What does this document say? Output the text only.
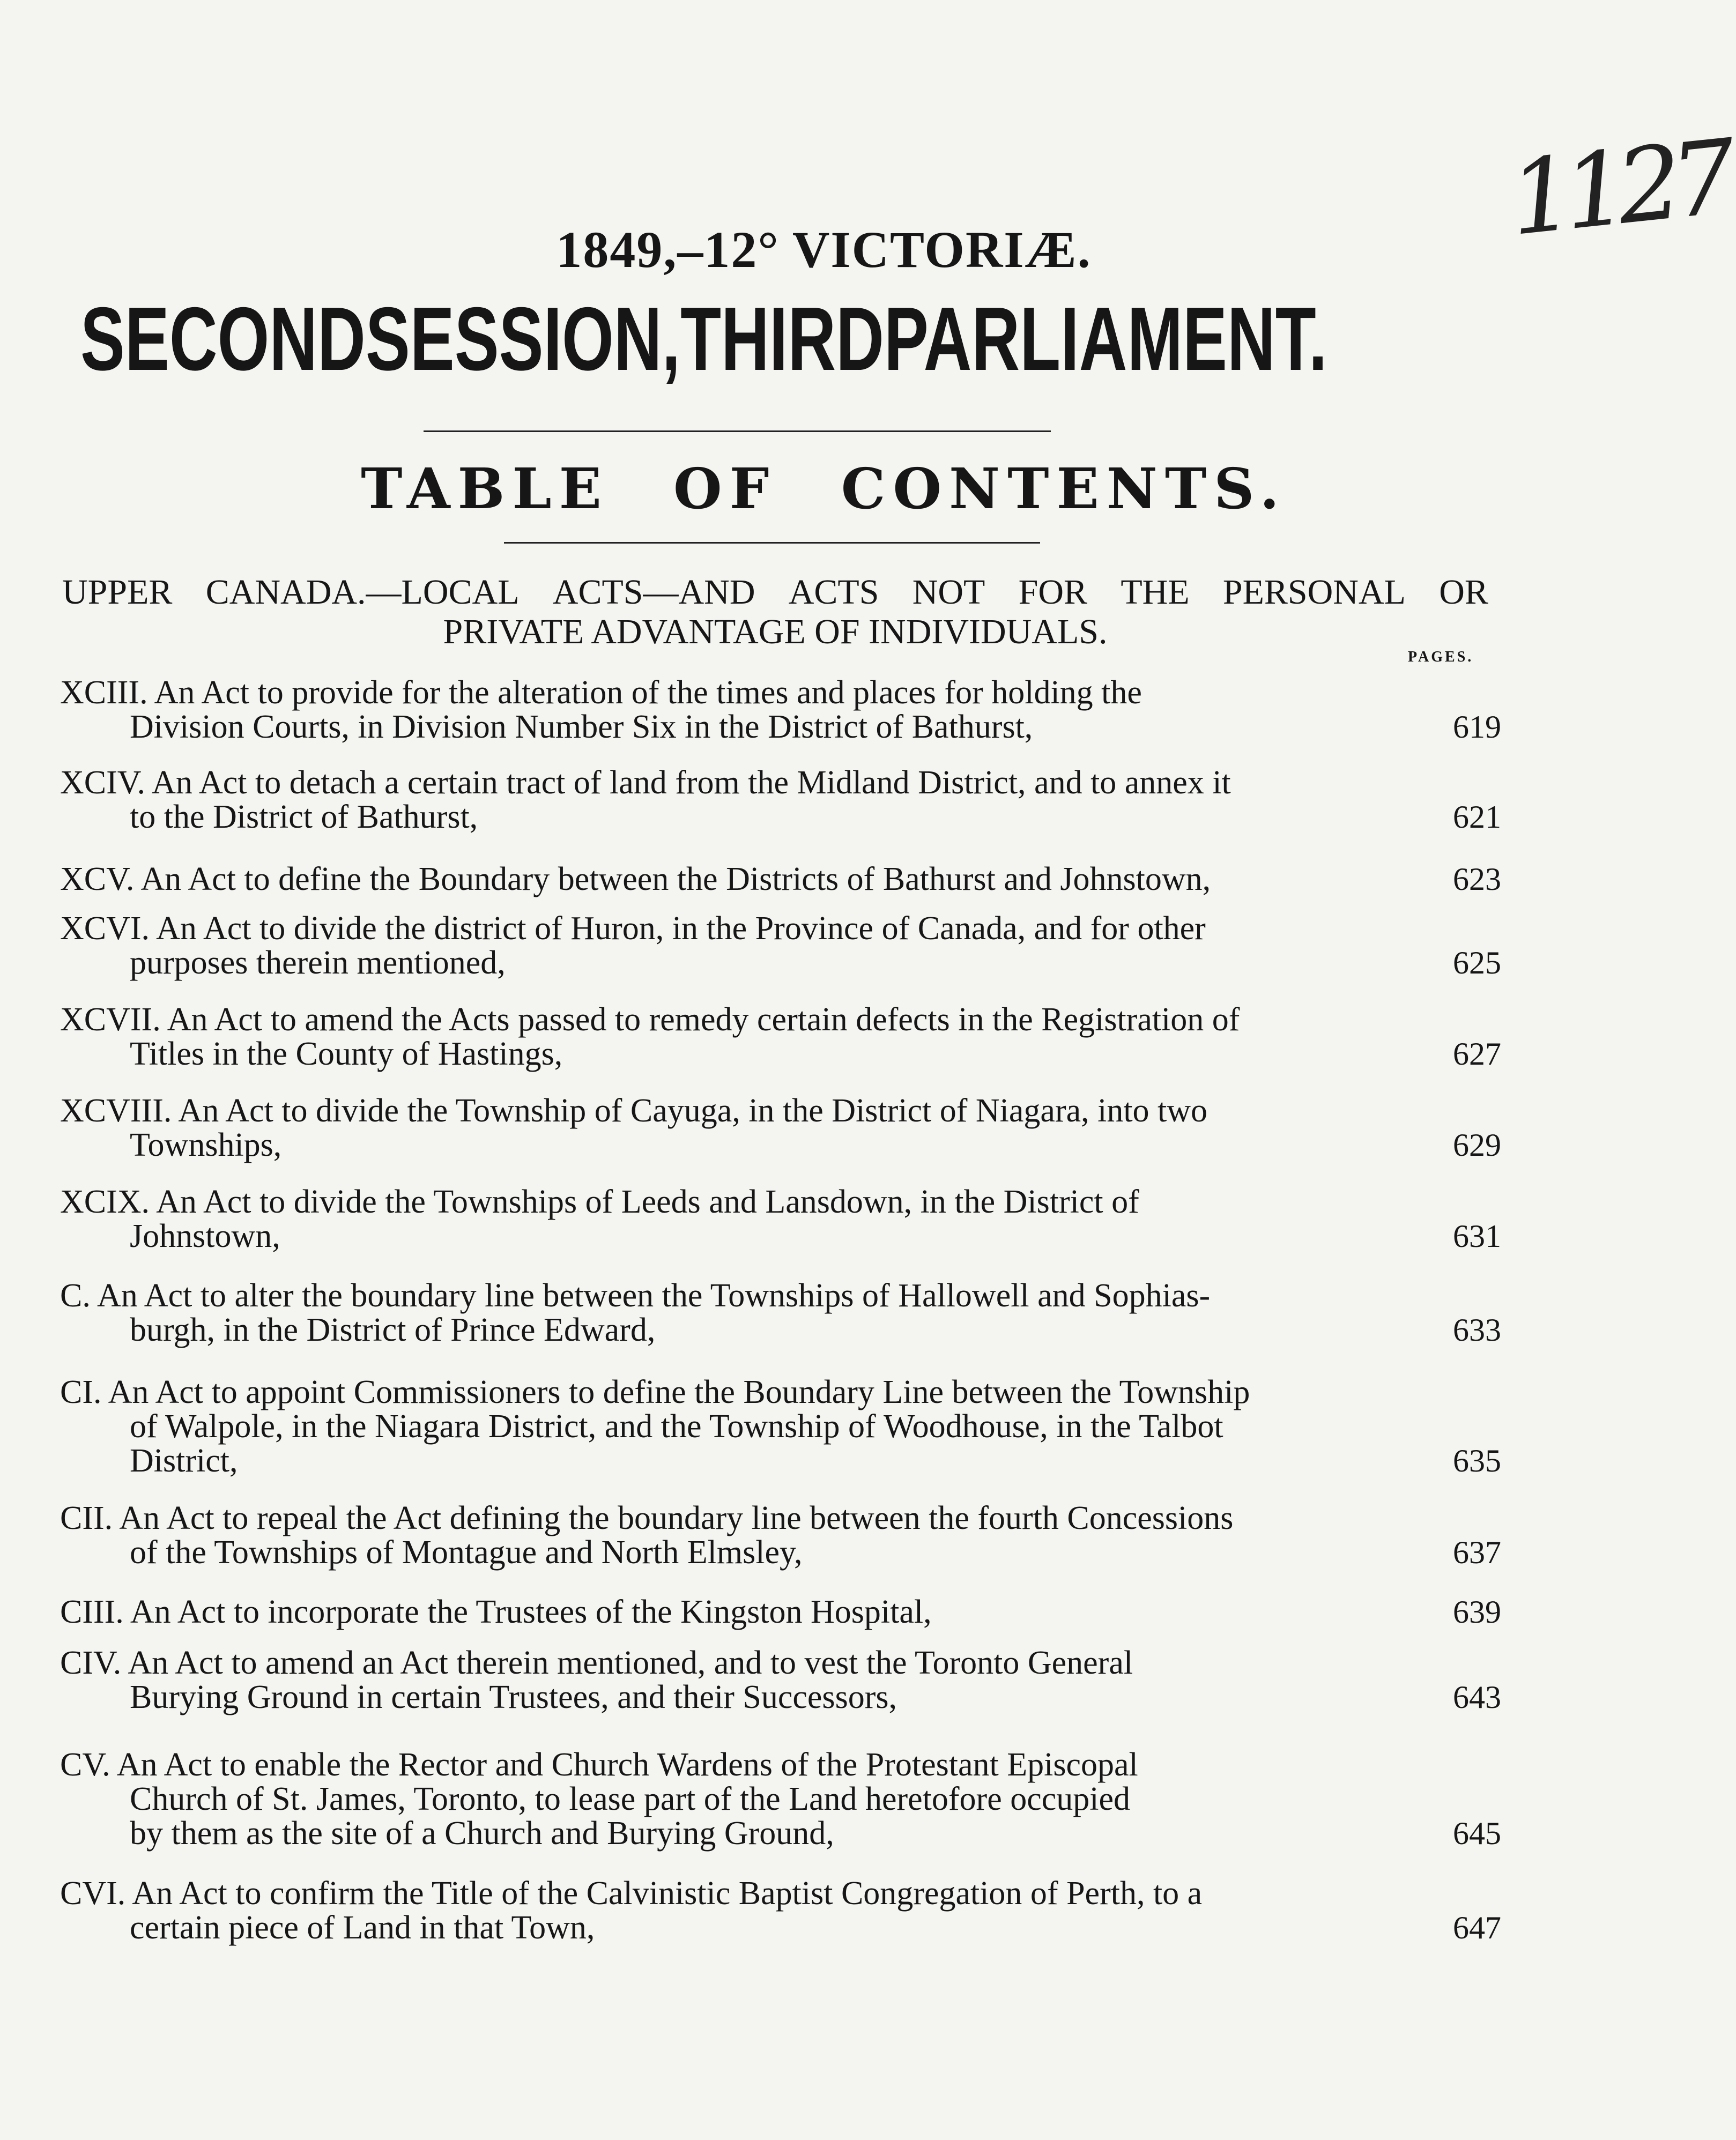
1127
1849,–12° VICTORIÆ.
SECOND SESSION, THIRD PARLIAMENT.
TABLE OF CONTENTS.
UPPER CANADA.—LOCAL ACTS—AND ACTS NOT FOR THE PERSONAL OR
PRIVATE ADVANTAGE OF INDIVIDUALS.
PAGES.
XCIII. An Act to provide for the alteration of the times and places for holding the
Division Courts, in Division Number Six in the District of Bathurst,	619
XCIV. An Act to detach a certain tract of land from the Midland District, and to annex it
to the District of Bathurst,	621
XCV. An Act to define the Boundary between the Districts of Bathurst and Johnstown,	623
XCVI. An Act to divide the district of Huron, in the Province of Canada, and for other
purposes therein mentioned,	625
XCVII. An Act to amend the Acts passed to remedy certain defects in the Registration of
Titles in the County of Hastings,	627
XCVIII. An Act to divide the Township of Cayuga, in the District of Niagara, into two
Townships,	629
XCIX. An Act to divide the Townships of Leeds and Lansdown, in the District of
Johnstown,	631
C. An Act to alter the boundary line between the Townships of Hallowell and Sophias-
burgh, in the District of Prince Edward,	633
CI. An Act to appoint Commissioners to define the Boundary Line between the Township
of Walpole, in the Niagara District, and the Township of Woodhouse, in the Talbot
District,	635
CII. An Act to repeal the Act defining the boundary line between the fourth Concessions
of the Townships of Montague and North Elmsley,	637
CIII. An Act to incorporate the Trustees of the Kingston Hospital,	639
CIV. An Act to amend an Act therein mentioned, and to vest the Toronto General
Burying Ground in certain Trustees, and their Successors,	643
CV. An Act to enable the Rector and Church Wardens of the Protestant Episcopal
Church of St. James, Toronto, to lease part of the Land heretofore occupied
by them as the site of a Church and Burying Ground,	645
CVI. An Act to confirm the Title of the Calvinistic Baptist Congregation of Perth, to a
certain piece of Land in that Town,	647
